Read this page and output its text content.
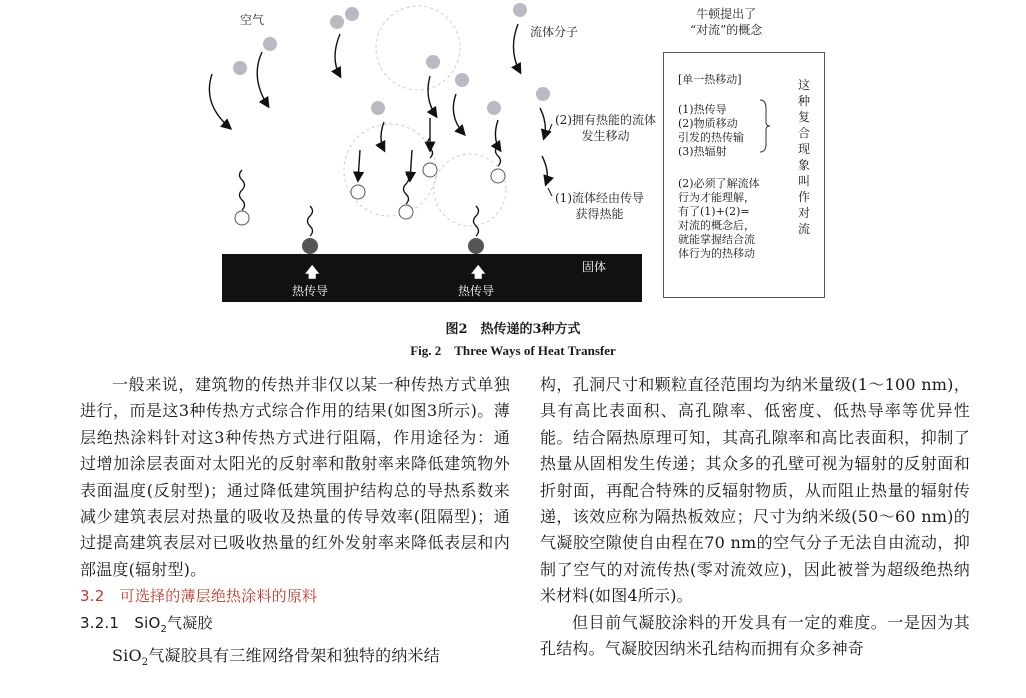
空气
流体分子
(2)拥有热能的流体
发生移动
(1)流体经由传导
获得热能
牛顿提出了
“对流”的概念
固体
🡅	🡅
热传导	热传导
[单一热移动]
(1)热传导
(2)物质移动
引发的热传输
(3)热辐射
(2)必须了解流体
行为才能理解，
有了(1)+(2)=
对流的概念后，
就能掌握结合流
体行为的热移动
这种复合现象叫作对流
图2　热传递的3种方式
Fig. 2　Three Ways of Heat Transfer

一般来说，建筑物的传热并非仅以某一种传热方式单独进行，而是这3种传热方式综合作用的结果(如图3所示)。薄层绝热涂料针对这3种传热方式进行阻隔，作用途径为：通过增加涂层表面对太阳光的反射率和散射率来降低建筑物外表面温度(反射型)；通过降低建筑围护结构总的导热系数来减少建筑表层对热量的吸收及热量的传导效率(阻隔型)；通过提高建筑表层对已吸收热量的红外发射率来降低表层和内部温度(辐射型)。

3.2　可选择的薄层绝热涂料的原料

3.2.1　SiO$_2$气凝胶

SiO$_2$气凝胶具有三维网络骨架和独特的纳米结

构，孔洞尺寸和颗粒直径范围均为纳米量级(1～100 nm)，具有高比表面积、高孔隙率、低密度、低热导率等优异性能。结合隔热原理可知，其高孔隙率和高比表面积，抑制了热量从固相发生传递；其众多的孔壁可视为辐射的反射面和折射面，再配合特殊的反辐射物质，从而阻止热量的辐射传递，该效应称为隔热板效应；尺寸为纳米级(50～60 nm)的气凝胶空隙使自由程在70 nm的空气分子无法自由流动，抑制了空气的对流传热(零对流效应)，因此被誉为超级绝热纳米材料(如图4所示)。

但目前气凝胶涂料的开发具有一定的难度。一是因为其孔结构。气凝胶因纳米孔结构而拥有众多神奇
